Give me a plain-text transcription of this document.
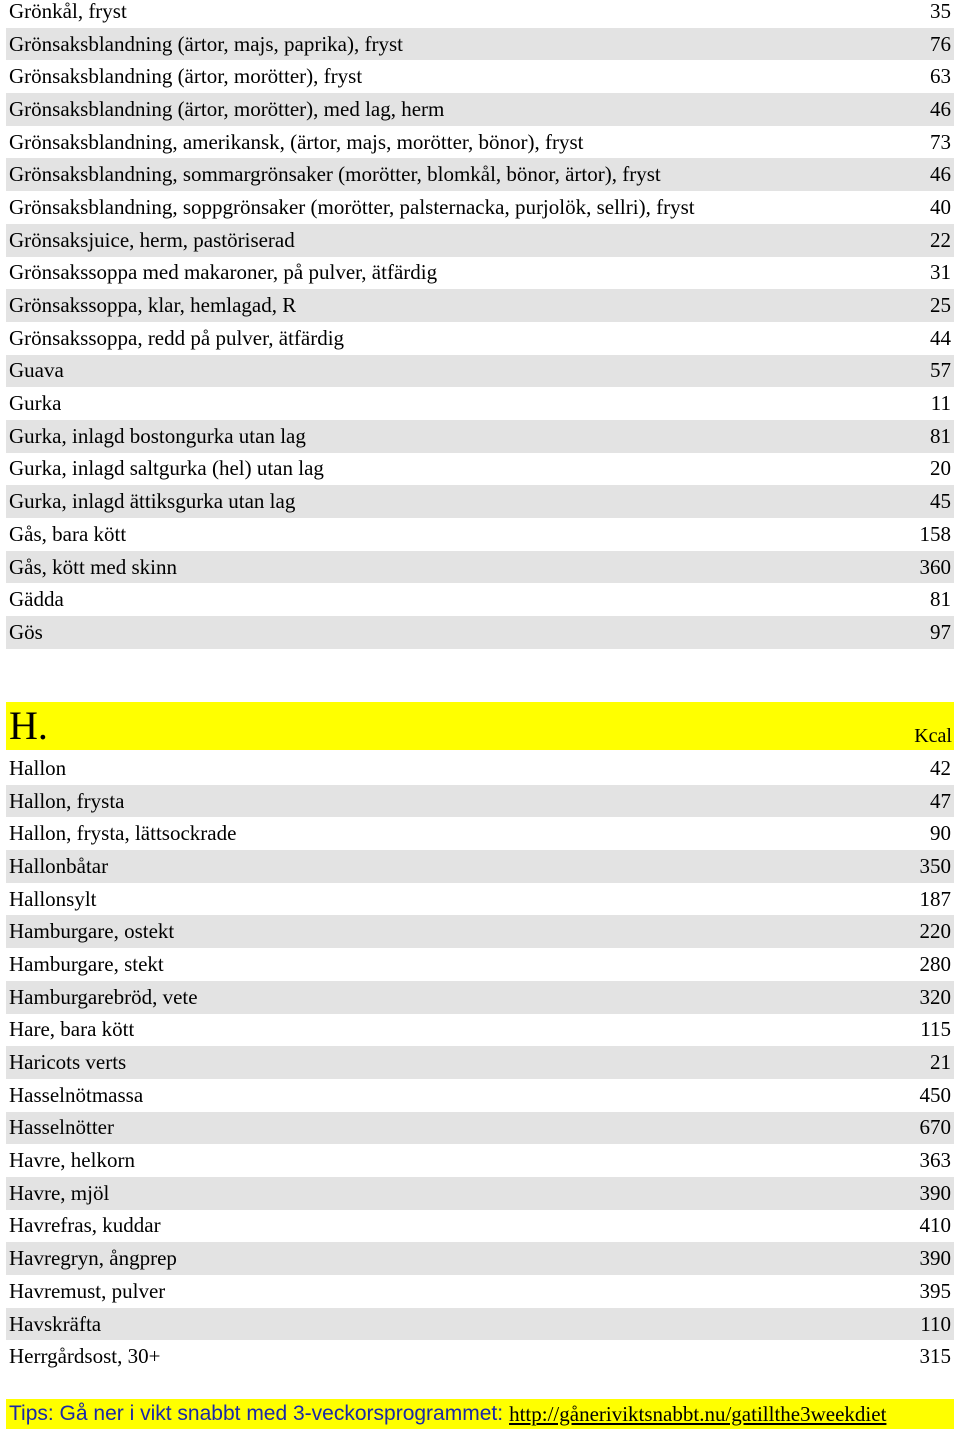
Grönkål, fryst	35
Grönsaksblandning (ärtor, majs, paprika), fryst	76
Grönsaksblandning (ärtor, morötter), fryst	63
Grönsaksblandning (ärtor, morötter), med lag, herm	46
Grönsaksblandning, amerikansk, (ärtor, majs, morötter, bönor), fryst	73
Grönsaksblandning, sommargrönsaker (morötter, blomkål, bönor, ärtor), fryst	46
Grönsaksblandning, soppgrönsaker (morötter, palsternacka, purjolök, sellri), fryst	40
Grönsaksjuice, herm, pastöriserad	22
Grönsakssoppa med makaroner, på pulver, ätfärdig	31
Grönsakssoppa, klar, hemlagad, R	25
Grönsakssoppa, redd på pulver, ätfärdig	44
Guava	57
Gurka	11
Gurka, inlagd bostongurka utan lag	81
Gurka, inlagd saltgurka (hel) utan lag	20
Gurka, inlagd ättiksgurka utan lag	45
Gås, bara kött	158
Gås, kött med skinn	360
Gädda	81
Gös	97
H.	Kcal
Hallon	42
Hallon, frysta	47
Hallon, frysta, lättsockrade	90
Hallonbåtar	350
Hallonsylt	187
Hamburgare, ostekt	220
Hamburgare, stekt	280
Hamburgarebröd, vete	320
Hare, bara kött	115
Haricots verts	21
Hasselnötmassa	450
Hasselnötter	670
Havre, helkorn	363
Havre, mjöl	390
Havrefras, kuddar	410
Havregryn, ångprep	390
Havremust, pulver	395
Havskräfta	110
Herrgårdsost, 30+	315
Tips: Gå ner i vikt snabbt med 3-veckorsprogrammet: http://gåneriviktsnabbt.nu/gatillthe3weekdiet
